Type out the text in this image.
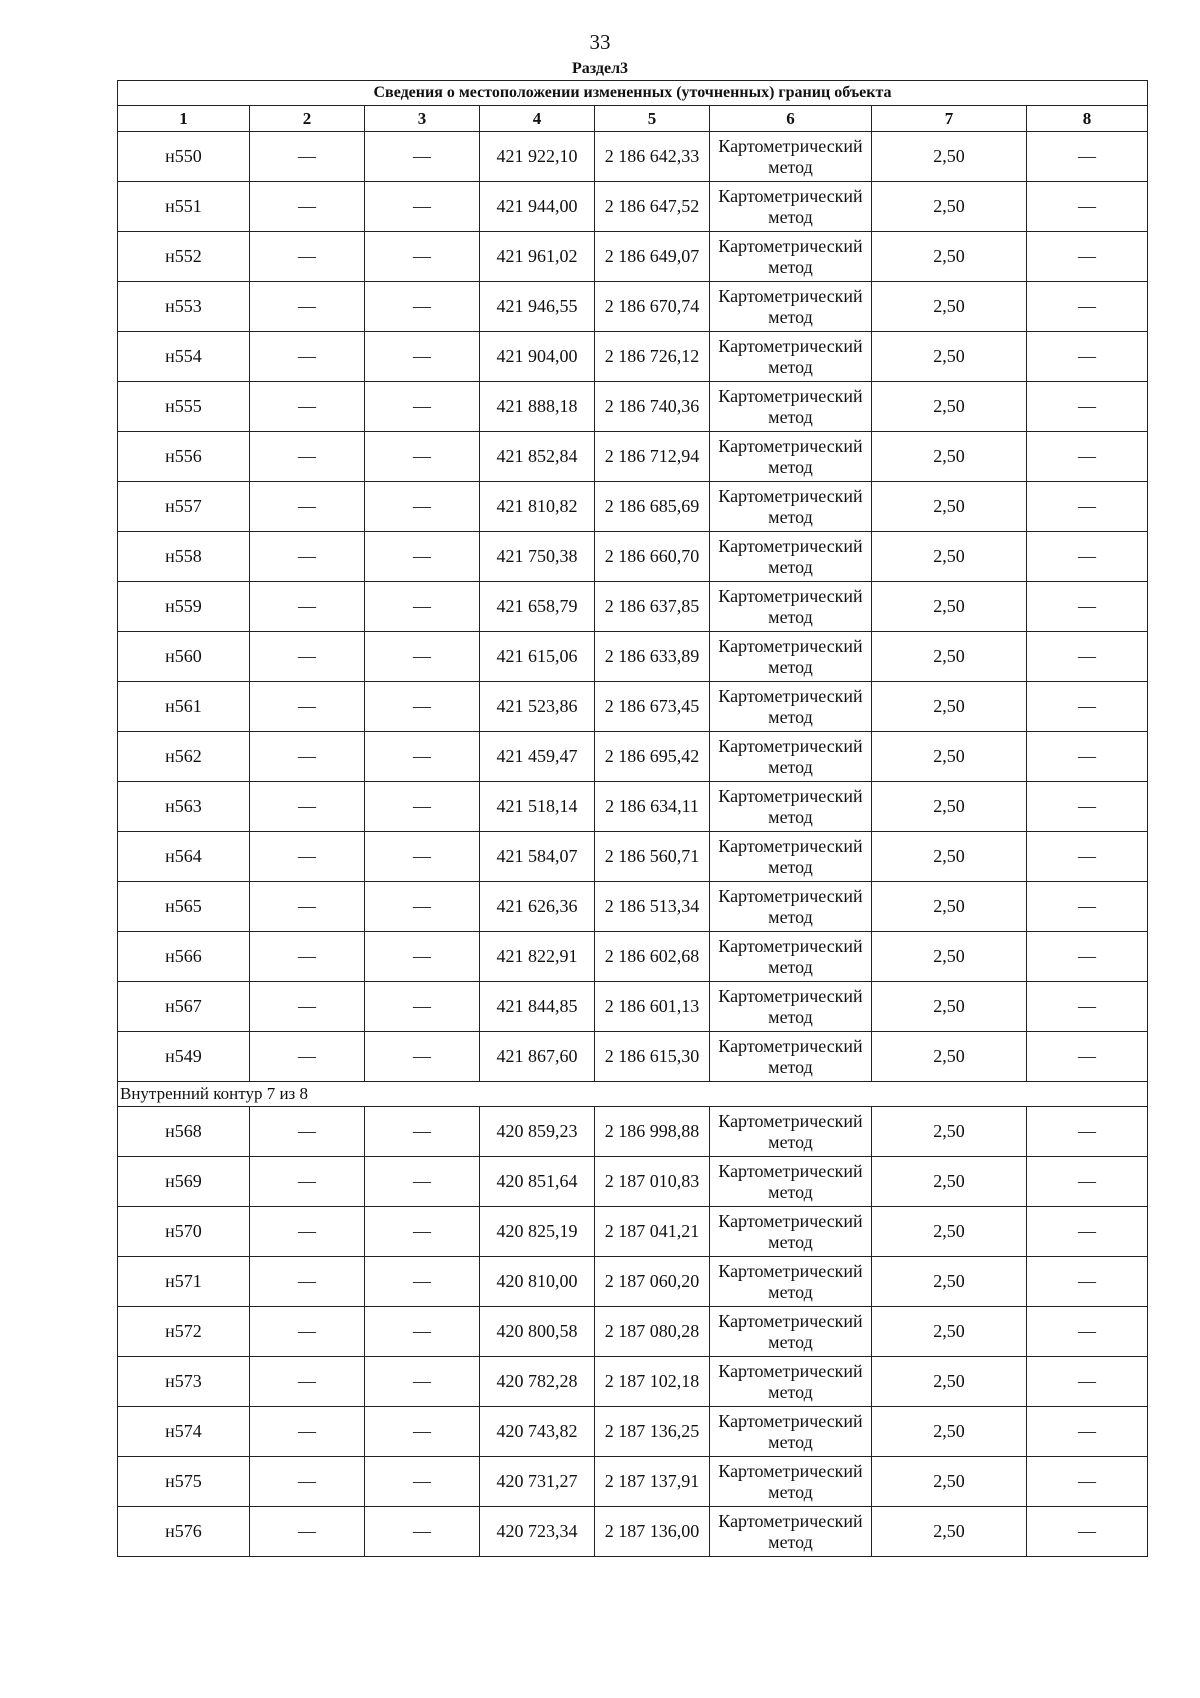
33
Раздел3
Сведения о местоположении измененных (уточненных) границ объекта							
1	2	3	4	5	6	7	8
н550	—	—	421 922,10	2 186 642,33	Картометрический метод	2,50	—
н551	—	—	421 944,00	2 186 647,52	Картометрический метод	2,50	—
н552	—	—	421 961,02	2 186 649,07	Картометрический метод	2,50	—
н553	—	—	421 946,55	2 186 670,74	Картометрический метод	2,50	—
н554	—	—	421 904,00	2 186 726,12	Картометрический метод	2,50	—
н555	—	—	421 888,18	2 186 740,36	Картометрический метод	2,50	—
н556	—	—	421 852,84	2 186 712,94	Картометрический метод	2,50	—
н557	—	—	421 810,82	2 186 685,69	Картометрический метод	2,50	—
н558	—	—	421 750,38	2 186 660,70	Картометрический метод	2,50	—
н559	—	—	421 658,79	2 186 637,85	Картометрический метод	2,50	—
н560	—	—	421 615,06	2 186 633,89	Картометрический метод	2,50	—
н561	—	—	421 523,86	2 186 673,45	Картометрический метод	2,50	—
н562	—	—	421 459,47	2 186 695,42	Картометрический метод	2,50	—
н563	—	—	421 518,14	2 186 634,11	Картометрический метод	2,50	—
н564	—	—	421 584,07	2 186 560,71	Картометрический метод	2,50	—
н565	—	—	421 626,36	2 186 513,34	Картометрический метод	2,50	—
н566	—	—	421 822,91	2 186 602,68	Картометрический метод	2,50	—
н567	—	—	421 844,85	2 186 601,13	Картометрический метод	2,50	—
н549	—	—	421 867,60	2 186 615,30	Картометрический метод	2,50	—
Внутренний контур 7 из 8							
н568	—	—	420 859,23	2 186 998,88	Картометрический метод	2,50	—
н569	—	—	420 851,64	2 187 010,83	Картометрический метод	2,50	—
н570	—	—	420 825,19	2 187 041,21	Картометрический метод	2,50	—
н571	—	—	420 810,00	2 187 060,20	Картометрический метод	2,50	—
н572	—	—	420 800,58	2 187 080,28	Картометрический метод	2,50	—
н573	—	—	420 782,28	2 187 102,18	Картометрический метод	2,50	—
н574	—	—	420 743,82	2 187 136,25	Картометрический метод	2,50	—
н575	—	—	420 731,27	2 187 137,91	Картометрический метод	2,50	—
н576	—	—	420 723,34	2 187 136,00	Картометрический метод	2,50	—
